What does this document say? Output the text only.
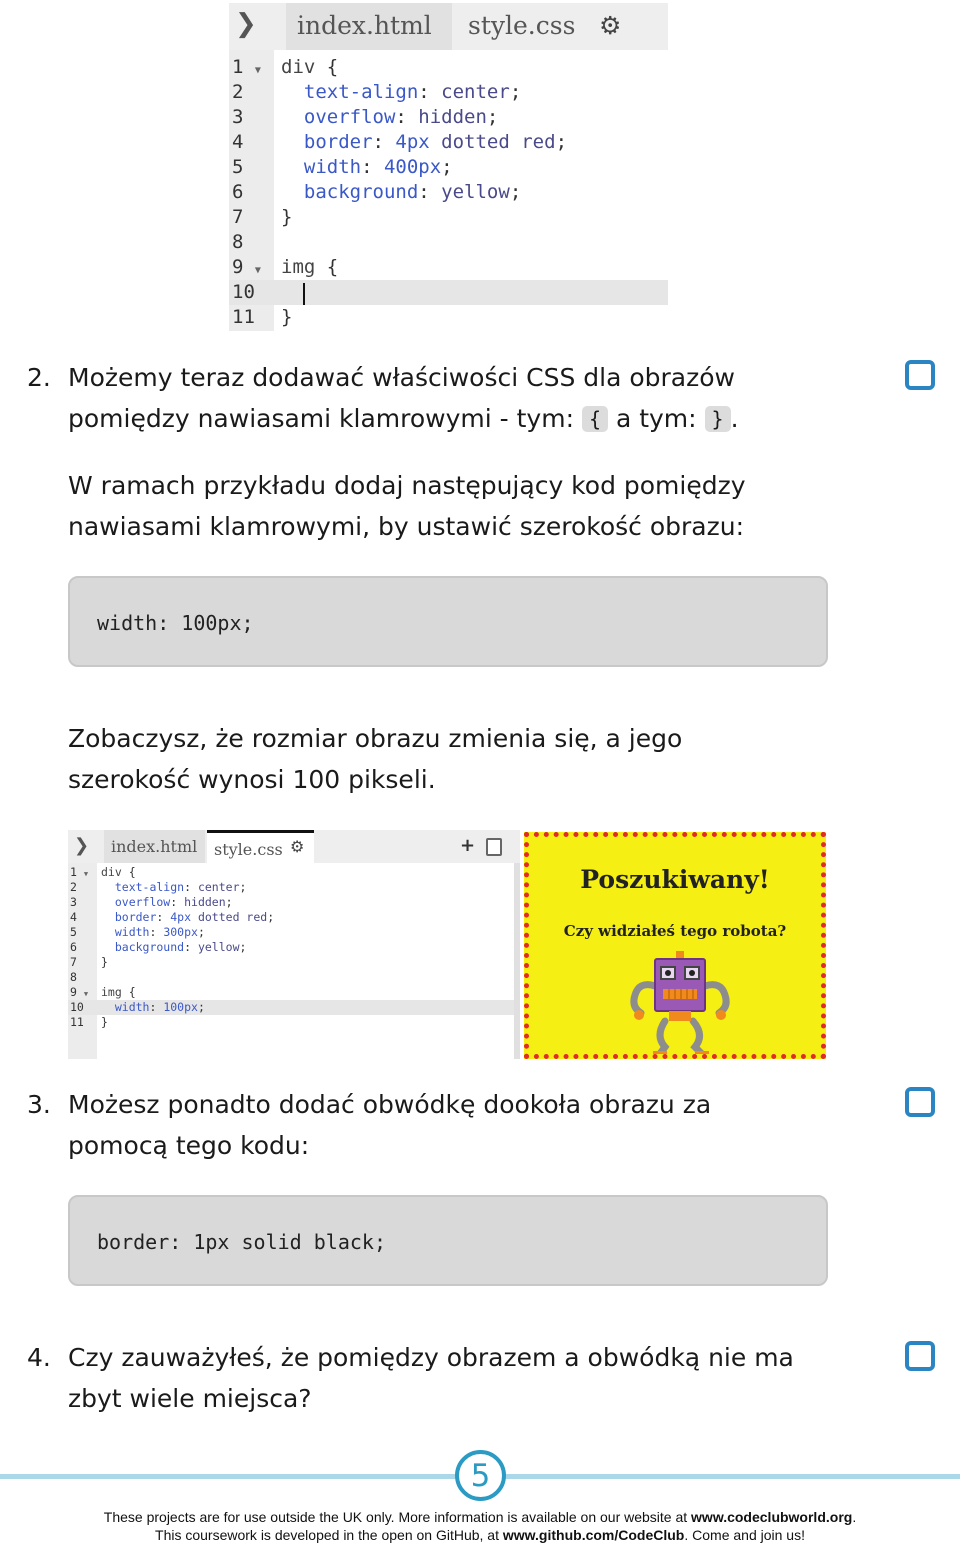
❯	index.html	style.css ⚙
1 ▼	div {
2	text-align: center;
3	overflow: hidden;
4	border: 4px dotted red;
5	width: 400px;
6	background: yellow;
7	}
8
9 ▼	img {
10
11 }
2. Możemy teraz dodawać właściwości CSS dla obrazów
pomiędzy nawiasami klamrowymi - tym: { a tym: } .
W ramach przykładu dodaj następujący kod pomiędzy
nawiasami klamrowymi, by ustawić szerokość obrazu:
width: 100px;
Zobaczysz, że rozmiar obrazu zmienia się, a jego
szerokość wynosi 100 pikseli.
❯	index.html	style.css ⚙	+
1 ▼	div {
2	text-align: center;
3	overflow: hidden;
4	border: 4px dotted red;
5	width: 300px;
6	background: yellow;
7	}
8
9 ▼	img {
10 width: 100px;
11 }
Poszukiwany!
Czy widziałeś tego robota?
3. Możesz ponadto dodać obwódkę dookoła obrazu za
pomocą tego kodu:
border: 1px solid black;
4. Czy zauważyłeś, że pomiędzy obrazem a obwódką nie ma
zbyt wiele miejsca?
5
These projects are for use outside the UK only. More information is available on our website at www.codeclubworld.org.
This coursework is developed in the open on GitHub, at www.github.com/CodeClub. Come and join us!
